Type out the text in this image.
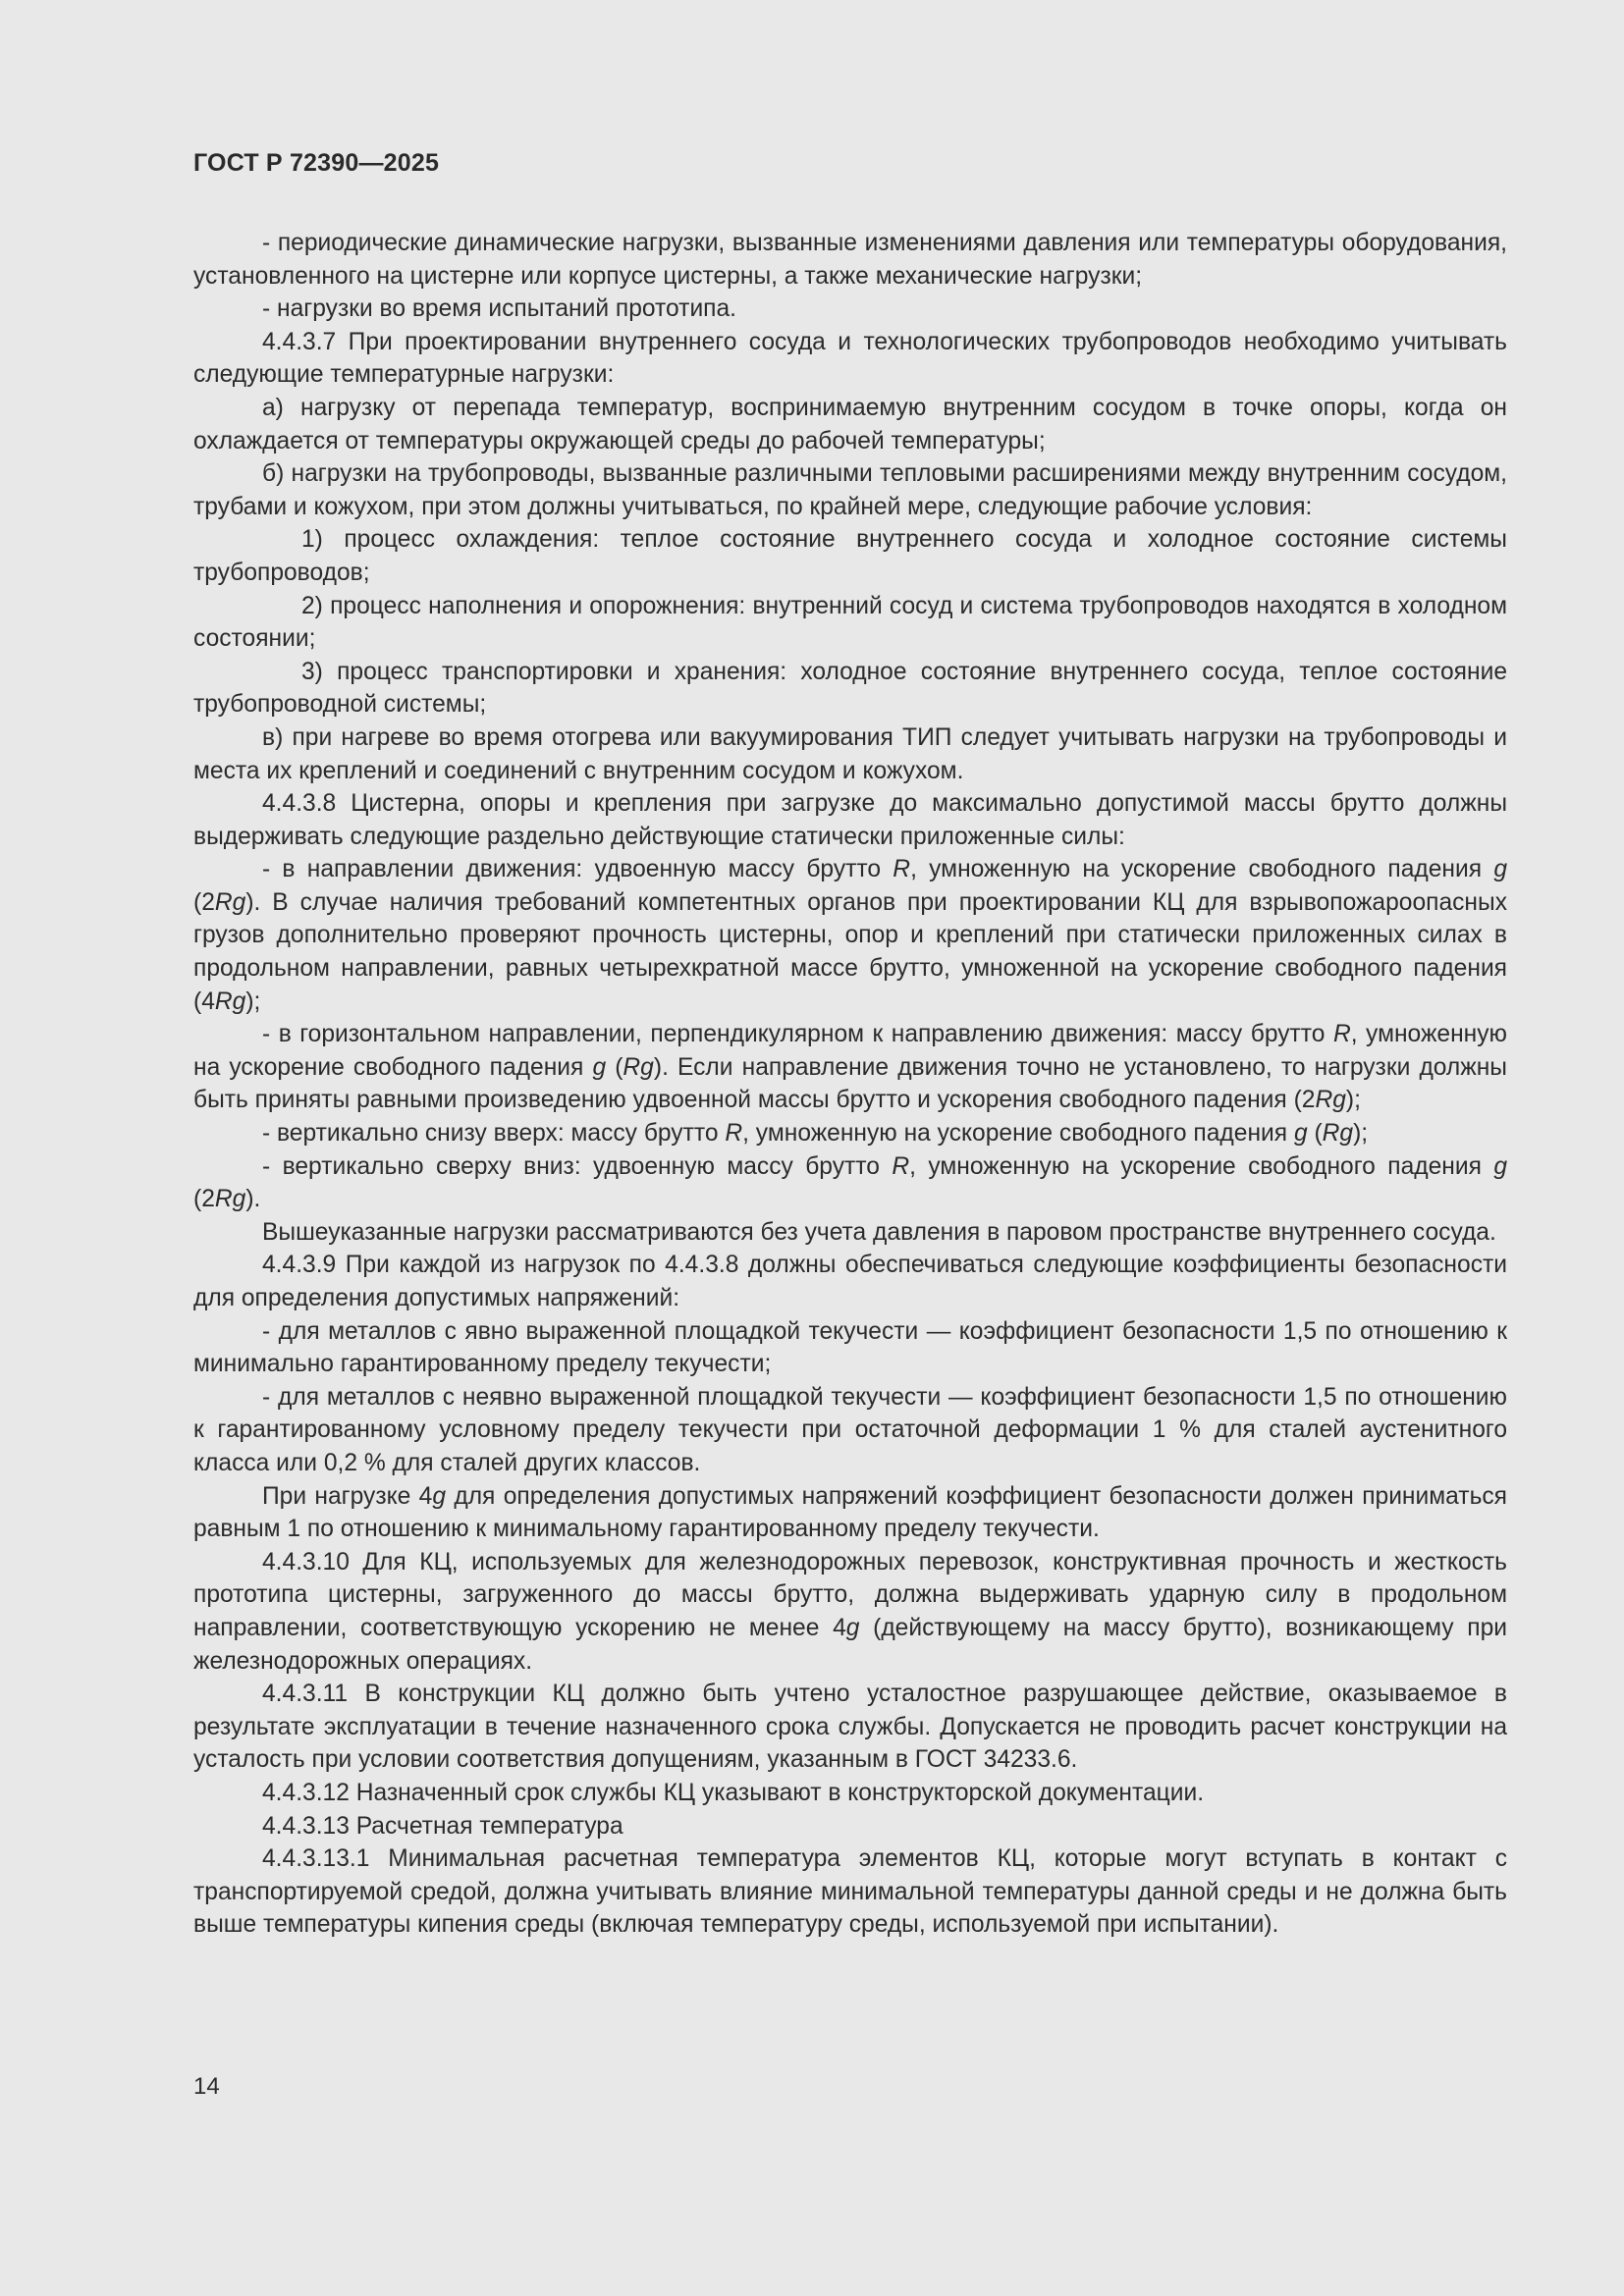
ГОСТ Р 72390—2025

- периодические динамические нагрузки, вызванные изменениями давления или температуры оборудования, установленного на цистерне или корпусе цистерны, а также механические нагрузки;

- нагрузки во время испытаний прототипа.

4.4.3.7 При проектировании внутреннего сосуда и технологических трубопроводов необходимо учитывать следующие температурные нагрузки:

а) нагрузку от перепада температур, воспринимаемую внутренним сосудом в точке опоры, когда он охлаждается от температуры окружающей среды до рабочей температуры;

б) нагрузки на трубопроводы, вызванные различными тепловыми расширениями между внутренним сосудом, трубами и кожухом, при этом должны учитываться, по крайней мере, следующие рабочие условия:

1) процесс охлаждения: теплое состояние внутреннего сосуда и холодное состояние системы трубопроводов;

2) процесс наполнения и опорожнения: внутренний сосуд и система трубопроводов находятся в холодном состоянии;

3) процесс транспортировки и хранения: холодное состояние внутреннего сосуда, теплое состояние трубопроводной системы;

в) при нагреве во время отогрева или вакуумирования ТИП следует учитывать нагрузки на трубопроводы и места их креплений и соединений с внутренним сосудом и кожухом.

4.4.3.8 Цистерна, опоры и крепления при загрузке до максимально допустимой массы брутто должны выдерживать следующие раздельно действующие статически приложенные силы:

- в направлении движения: удвоенную массу брутто R, умноженную на ускорение свободного падения g (2Rg). В случае наличия требований компетентных органов при проектировании КЦ для взрывопожароопасных грузов дополнительно проверяют прочность цистерны, опор и креплений при статически приложенных силах в продольном направлении, равных четырехкратной массе брутто, умноженной на ускорение свободного падения (4Rg);

- в горизонтальном направлении, перпендикулярном к направлению движения: массу брутто R, умноженную на ускорение свободного падения g (Rg). Если направление движения точно не установлено, то нагрузки должны быть приняты равными произведению удвоенной массы брутто и ускорения свободного падения (2Rg);

- вертикально снизу вверх: массу брутто R, умноженную на ускорение свободного падения g (Rg);

- вертикально сверху вниз: удвоенную массу брутто R, умноженную на ускорение свободного падения g (2Rg).

Вышеуказанные нагрузки рассматриваются без учета давления в паровом пространстве внутреннего сосуда.

4.4.3.9 При каждой из нагрузок по 4.4.3.8 должны обеспечиваться следующие коэффициенты безопасности для определения допустимых напряжений:

- для металлов с явно выраженной площадкой текучести — коэффициент безопасности 1,5 по отношению к минимально гарантированному пределу текучести;

- для металлов с неявно выраженной площадкой текучести — коэффициент безопасности 1,5 по отношению к гарантированному условному пределу текучести при остаточной деформации 1 % для сталей аустенитного класса или 0,2 % для сталей других классов.

При нагрузке 4g для определения допустимых напряжений коэффициент безопасности должен приниматься равным 1 по отношению к минимальному гарантированному пределу текучести.

4.4.3.10 Для КЦ, используемых для железнодорожных перевозок, конструктивная прочность и жесткость прототипа цистерны, загруженного до массы брутто, должна выдерживать ударную силу в продольном направлении, соответствующую ускорению не менее 4g (действующему на массу брутто), возникающему при железнодорожных операциях.

4.4.3.11 В конструкции КЦ должно быть учтено усталостное разрушающее действие, оказываемое в результате эксплуатации в течение назначенного срока службы. Допускается не проводить расчет конструкции на усталость при условии соответствия допущениям, указанным в ГОСТ 34233.6.

4.4.3.12 Назначенный срок службы КЦ указывают в конструкторской документации.

4.4.3.13 Расчетная температура

4.4.3.13.1 Минимальная расчетная температура элементов КЦ, которые могут вступать в контакт с транспортируемой средой, должна учитывать влияние минимальной температуры данной среды и не должна быть выше температуры кипения среды (включая температуру среды, используемой при испытании).

14
